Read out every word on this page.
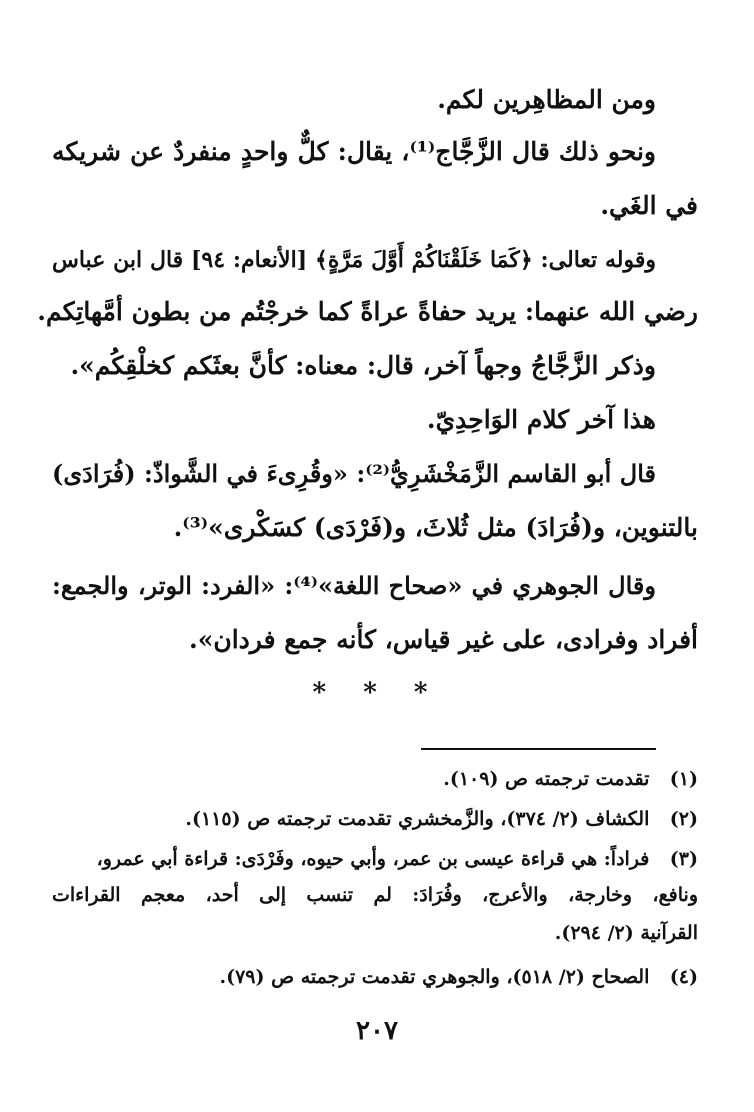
ومن المظاهِرين لكم.
ونحو ذلك قال الزَّجَّاج⁽¹⁾، يقال: كلٌّ واحدٍ منفردٌ عن شريكه
في الغَي.
وقوله تعالى: ﴿كَمَا خَلَقْنَاكُمْ أَوَّلَ مَرَّةٍ﴾ [الأنعام: ٩٤] قال ابن عباس
رضي الله عنهما: يريد حفاةً عراةً كما خرجْتُم من بطون أمَّهاتِكم.
وذكر الزَّجَّاجُ وجهاً آخر، قال: معناه: كأنَّ بعثَكم كخلْقِكُم».
هذا آخر كلام الوَاحِدِيّ.
قال أبو القاسم الزَّمَخْشَرِيُّ⁽²⁾: «وقُرِىءَ في الشَّواذّ: (فُرَادَى)
بالتنوين، و(فُرَادَ) مثل ثُلاثَ، و(فَرْدَى) كسَكْرى»⁽³⁾.
وقال الجوهري في «صحاح اللغة»⁽⁴⁾: «الفرد: الوتر، والجمع:
أفراد وفرادى، على غير قياس، كأنه جمع فردان».
* * *
(١) تقدمت ترجمته ص (١٠٩).
(٢) الكشاف (٢/ ٣٧٤)، والزَّمخشري تقدمت ترجمته ص (١١٥).
(٣) فراداً: هي قراءة عيسى بن عمر، وأبي حيوه، وفَرْدَى: قراءة أبي عمرو،
ونافع، وخارجة، والأعرج، وفُرَادَ: لم تنسب إلى أحد، معجم القراءات
القرآنية (٢/ ٢٩٤).
(٤) الصحاح (٢/ ٥١٨)، والجوهري تقدمت ترجمته ص (٧٩).
٢٠٧
